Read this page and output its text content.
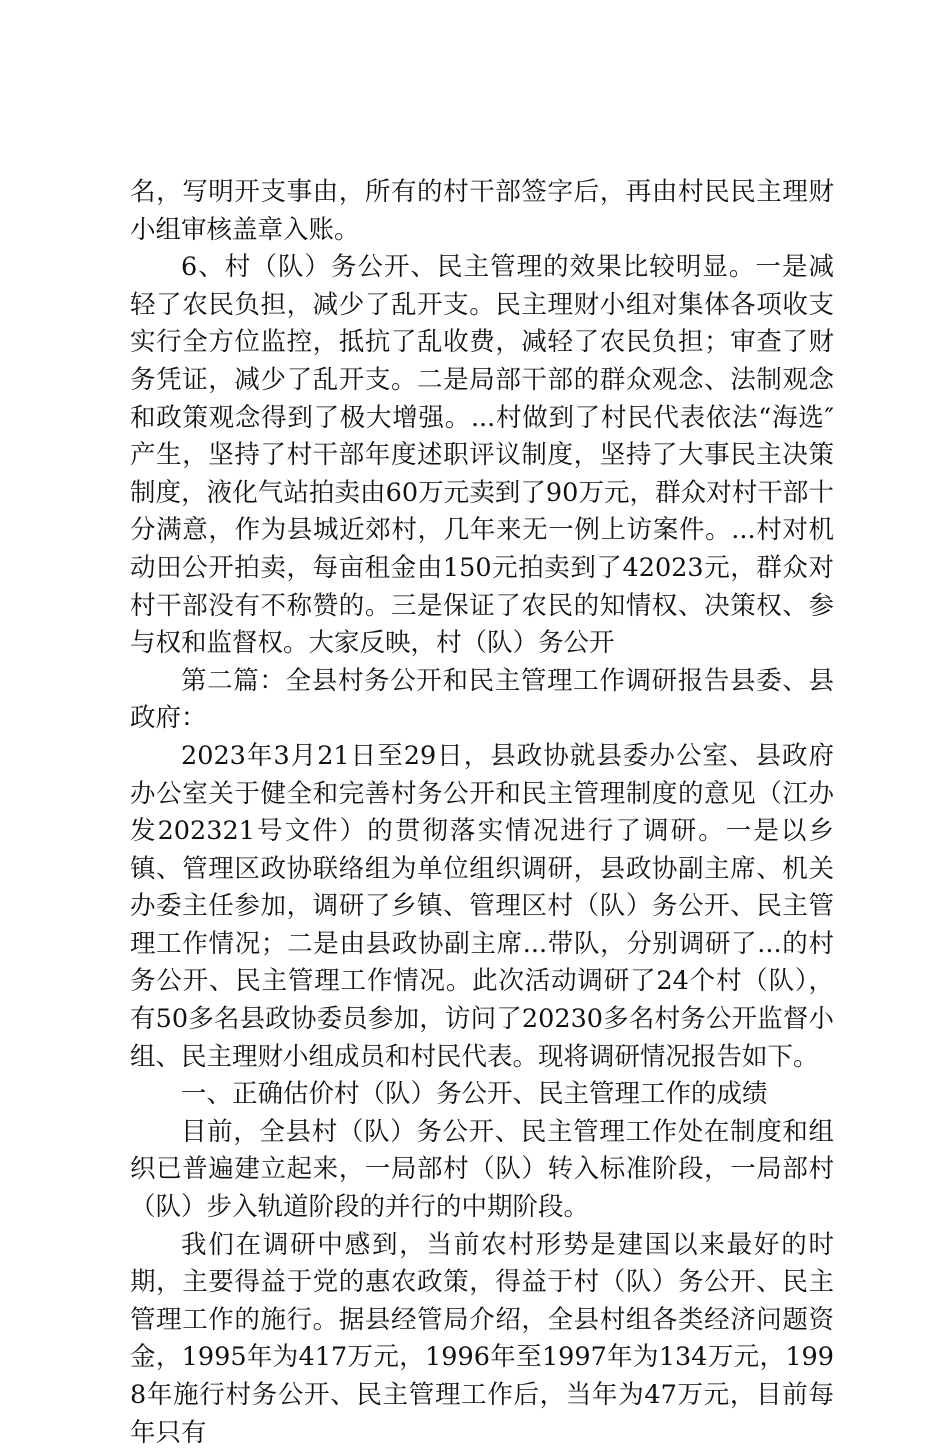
名，写明开支事由，所有的村干部签字后，再由村民民主理财小组审核盖章入账。

6、村（队）务公开、民主管理的效果比较明显。一是减轻了农民负担，减少了乱开支。民主理财小组对集体各项收支实行全方位监控，抵抗了乱收费，减轻了农民负担；审查了财务凭证，减少了乱开支。二是局部干部的群众观念、法制观念和政策观念得到了极大增强。...村做到了村民代表依法“海选″产生，坚持了村干部年度述职评议制度，坚持了大事民主决策制度，液化气站拍卖由60万元卖到了90万元，群众对村干部十分满意，作为县城近郊村，几年来无一例上访案件。...村对机动田公开拍卖，每亩租金由150元拍卖到了42023元，群众对村干部没有不称赞的。三是保证了农民的知情权、决策权、参与权和监督权。大家反映，村（队）务公开

第二篇：全县村务公开和民主管理工作调研报告县委、县政府：

2023年3月21日至29日，县政协就县委办公室、县政府办公室关于健全和完善村务公开和民主管理制度的意见（江办发202321号文件）的贯彻落实情况进行了调研。一是以乡镇、管理区政协联络组为单位组织调研，县政协副主席、机关办委主任参加，调研了乡镇、管理区村（队）务公开、民主管理工作情况；二是由县政协副主席...带队，分别调研了...的村务公开、民主管理工作情况。此次活动调研了24个村（队），有50多名县政协委员参加，访问了20230多名村务公开监督小组、民主理财小组成员和村民代表。现将调研情况报告如下。

一、正确估价村（队）务公开、民主管理工作的成绩

目前，全县村（队）务公开、民主管理工作处在制度和组织已普遍建立起来，一局部村（队）转入标准阶段，一局部村（队）步入轨道阶段的并行的中期阶段。

我们在调研中感到，当前农村形势是建国以来最好的时期，主要得益于党的惠农政策，得益于村（队）务公开、民主管理工作的施行。据县经管局介绍，全县村组各类经济问题资金，1995年为417万元，1996年至1997年为134万元，1998年施行村务公开、民主管理工作后，当年为47万元，目前每年只有
